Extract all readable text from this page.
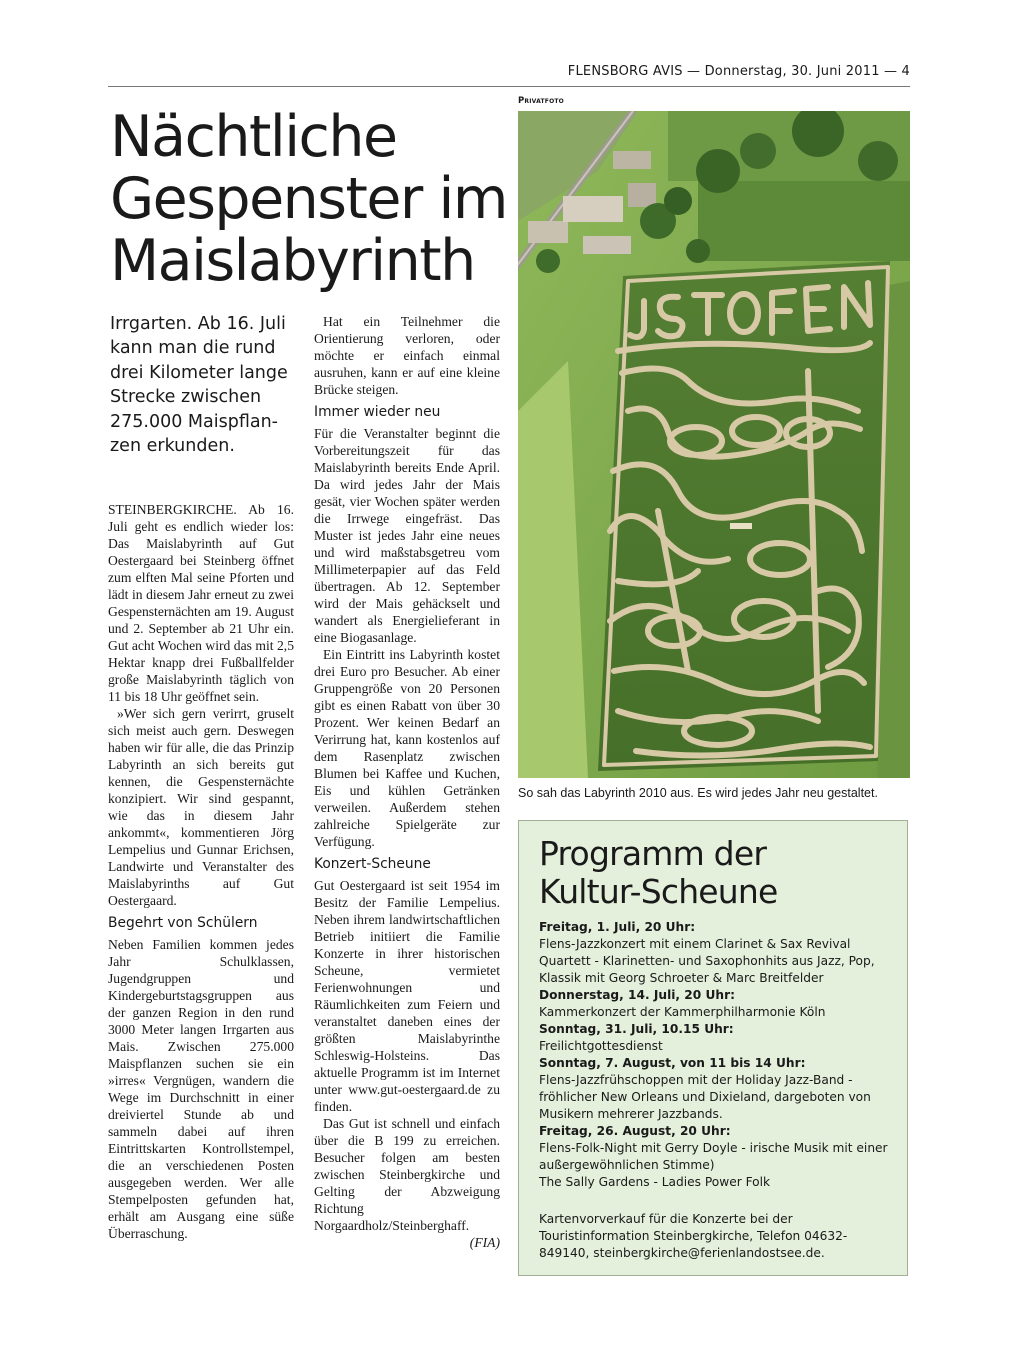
FLENSBORG AVIS — Donnerstag, 30. Juni 2011 — 4
Nächtliche
Gespenster im
Maislabyrinth
Irrgarten. Ab 16. Juli
kann man die rund
drei Kilometer lange
Strecke zwischen
275.000 Maispflan-
zen erkunden.

STEINBERGKIRCHE. Ab 16. Juli geht es endlich wieder los: Das Maislabyrinth auf Gut Oestergaard bei Steinberg öffnet zum elften Mal seine Pforten und lädt in diesem Jahr erneut zu zwei Gespensternächten am 19. August und 2. September ab 21 Uhr ein. Gut acht Wochen wird das mit 2,5 Hektar knapp drei Fußballfelder große Maislabyrinth täglich von 11 bis 18 Uhr geöffnet sein.

»Wer sich gern verirrt, gruselt sich meist auch gern. Deswegen haben wir für alle, die das Prinzip Labyrinth an sich bereits gut kennen, die Gespensternächte konzipiert. Wir sind gespannt, wie das in diesem Jahr ankommt«, kommentieren Jörg Lempelius und Gunnar Erichsen, Landwirte und Veranstalter des Maislabyrinths auf Gut Oestergaard.

Begehrt von Schülern

Neben Familien kommen jedes Jahr Schulklassen, Jugendgruppen und Kindergeburtstagsgruppen aus der ganzen Region in den rund 3000 Meter langen Irrgarten aus Mais. Zwischen 275.000 Maispflanzen suchen sie ein »irres« Vergnügen, wandern die Wege im Durchschnitt in einer dreiviertel Stunde ab und sammeln dabei auf ihren Eintrittskarten Kontrollstempel, die an verschiedenen Posten ausgegeben werden. Wer alle Stempelposten gefunden hat, erhält am Ausgang eine süße Überraschung.

Hat ein Teilnehmer die Orientierung verloren, oder möchte er einfach einmal ausruhen, kann er auf eine kleine Brücke steigen.

Immer wieder neu

Für die Veranstalter beginnt die Vorbereitungszeit für das Maislabyrinth bereits Ende April. Da wird jedes Jahr der Mais gesät, vier Wochen später werden die Irrwege eingefräst. Das Muster ist jedes Jahr eine neues und wird maßstabsgetreu vom Millimeterpapier auf das Feld übertragen. Ab 12. September wird der Mais gehäckselt und wandert als Energielieferant in eine Biogasanlage.

Ein Eintritt ins Labyrinth kostet drei Euro pro Besucher. Ab einer Gruppengröße von 20 Personen gibt es einen Rabatt von über 30 Prozent. Wer keinen Bedarf an Verirrung hat, kann kostenlos auf dem Rasenplatz zwischen Blumen bei Kaffee und Kuchen, Eis und kühlen Getränken verweilen. Außerdem stehen zahlreiche Spielgeräte zur Verfügung.

Konzert-Scheune

Gut Oestergaard ist seit 1954 im Besitz der Familie Lempelius. Neben ihrem landwirtschaftlichen Betrieb initiiert die Familie Konzerte in ihrer historischen Scheune, vermietet Ferienwohnungen und Räumlichkeiten zum Feiern und veranstaltet daneben eines der größten Maislabyrinthe Schleswig-Holsteins. Das aktuelle Programm ist im Internet unter www.gut-oestergaard.de zu finden.

Das Gut ist schnell und einfach über die B 199 zu erreichen. Besucher folgen am besten zwischen Steinbergkirche und Gelting der Abzweigung Richtung Norgaardholz/Steinberghaff.

(FIA)
Privatfoto
So sah das Labyrinth 2010 aus. Es wird jedes Jahr neu gestaltet.
Programm der
Kultur-Scheune
Freitag, 1. Juli, 20 Uhr:
Flens-Jazzkonzert mit einem Clarinet & Sax Revival Quartett - Klarinetten- und Saxophonhits aus Jazz, Pop, Klassik mit Georg Schroeter & Marc Breitfelder
Donnerstag, 14. Juli, 20 Uhr:
Kammerkonzert der Kammerphilharmonie Köln
Sonntag, 31. Juli, 10.15 Uhr:
Freilichtgottesdienst
Sonntag, 7. August, von 11 bis 14 Uhr:
Flens-Jazzfrühschoppen mit der Holiday Jazz-Band - fröhlicher New Orleans und Dixieland, dargeboten von Musikern mehrerer Jazzbands.
Freitag, 26. August, 20 Uhr:
Flens-Folk-Night mit Gerry Doyle - irische Musik mit einer außergewöhnlichen Stimme)
The Sally Gardens - Ladies Power Folk
Kartenvorverkauf für die Konzerte bei der Touristinformation Steinbergkirche, Telefon 04632-849140, steinbergkirche@ferienlandostsee.de.
